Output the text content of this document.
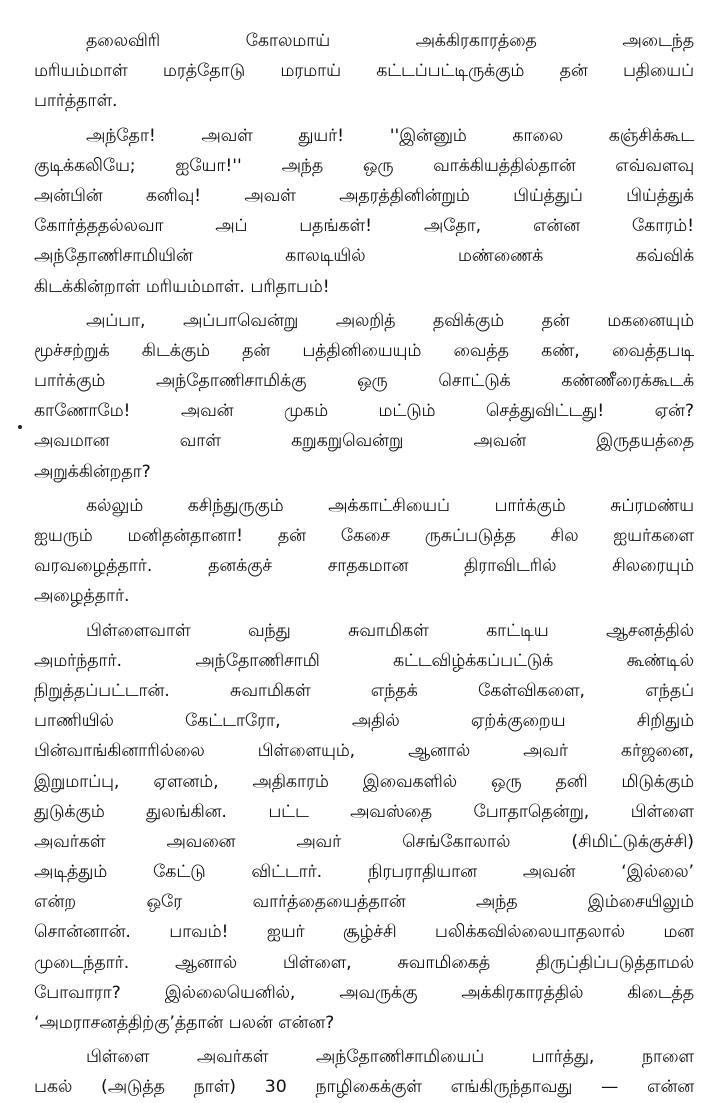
தலைவிரி கோலமாய் அக்கிரகாரத்தை அடைந்த
மரியம்மாள் மரத்தோடு மரமாய் கட்டப்பட்டிருக்கும் தன் பதியைப்
பார்த்தாள்.
அந்தோ! அவள் துயர்! ''இன்னும் காலை கஞ்சிக்கூட
குடிக்கலியே; ஐயோ!'' அந்த ஒரு வாக்கியத்தில்தான் எவ்வளவு
அன்பின் கனிவு! அவள் அதரத்தினின்றும் பிய்த்துப் பிய்த்துக்
கோர்த்ததல்லவா அப் பதங்கள்! அதோ, என்ன கோரம்!
அந்தோணிசாமியின் காலடியில் மண்ணைக் கவ்விக்
கிடக்கின்றாள் மரியம்மாள். பரிதாபம்!
அப்பா, அப்பாவென்று அலறித் தவிக்கும் தன் மகனையும்
மூச்சற்றுக் கிடக்கும் தன் பத்தினியையும் வைத்த கண், வைத்தபடி
பார்க்கும் அந்தோணிசாமிக்கு ஒரு சொட்டுக் கண்ணீரைக்கூடக்
காணோமே! அவன் முகம் மட்டும் செத்துவிட்டது! ஏன்?
அவமான வாள் கறுகறுவென்று அவன் இருதயத்தை
அறுக்கின்றதா?
கல்லும் கசிந்துருகும் அக்காட்சியைப் பார்க்கும் சுப்ரமண்ய
ஐயரும் மனிதன்தானா! தன் கேசை ருசுப்படுத்த சில ஐயர்களை
வரவழைத்தார். தனக்குச் சாதகமான திராவிடரில் சிலரையும்
அழைத்தார்.
பிள்ளைவாள் வந்து சுவாமிகள் காட்டிய ஆசனத்தில்
அமர்ந்தார். அந்தோணிசாமி கட்டவிழ்க்கப்பட்டுக் கூண்டில்
நிறுத்தப்பட்டான். சுவாமிகள் எந்தக் கேள்விகளை, எந்தப்
பாணியில் கேட்டாரோ, அதில் ஏற்க்குறைய சிறிதும்
பின்வாங்கினாரில்லை பிள்ளையும், ஆனால் அவர் கர்ஜனை,
இறுமாப்பு, ஏளனம், அதிகாரம் இவைகளில் ஒரு தனி மிடுக்கும்
துடுக்கும் துலங்கின. பட்ட அவஸ்தை போதாதென்று, பிள்ளை
அவர்கள் அவனை அவர் செங்கோலால் (சிமிட்டுக்குச்சி)
அடித்தும் கேட்டு விட்டார். நிரபராதியான அவன் ‘இல்லை’
என்ற ஒரே வார்த்தையைத்தான் அந்த இம்சையிலும்
சொன்னான். பாவம்! ஐயர் சூழ்ச்சி பலிக்கவில்லையாதலால் மன
முடைந்தார். ஆனால் பிள்ளை, சுவாமிகைத் திருப்திப்படுத்தாமல்
போவாரா? இல்லையெனில், அவருக்கு அக்கிரகாரத்தில் கிடைத்த
‘அமராசனத்திற்கு’த்தான் பலன் என்ன?
பிள்ளை அவர்கள் அந்தோணிசாமியைப் பார்த்து, நாளை
பகல் (அடுத்த நாள்) 30 நாழிகைக்குள் எங்கிருந்தாவது — என்ன
